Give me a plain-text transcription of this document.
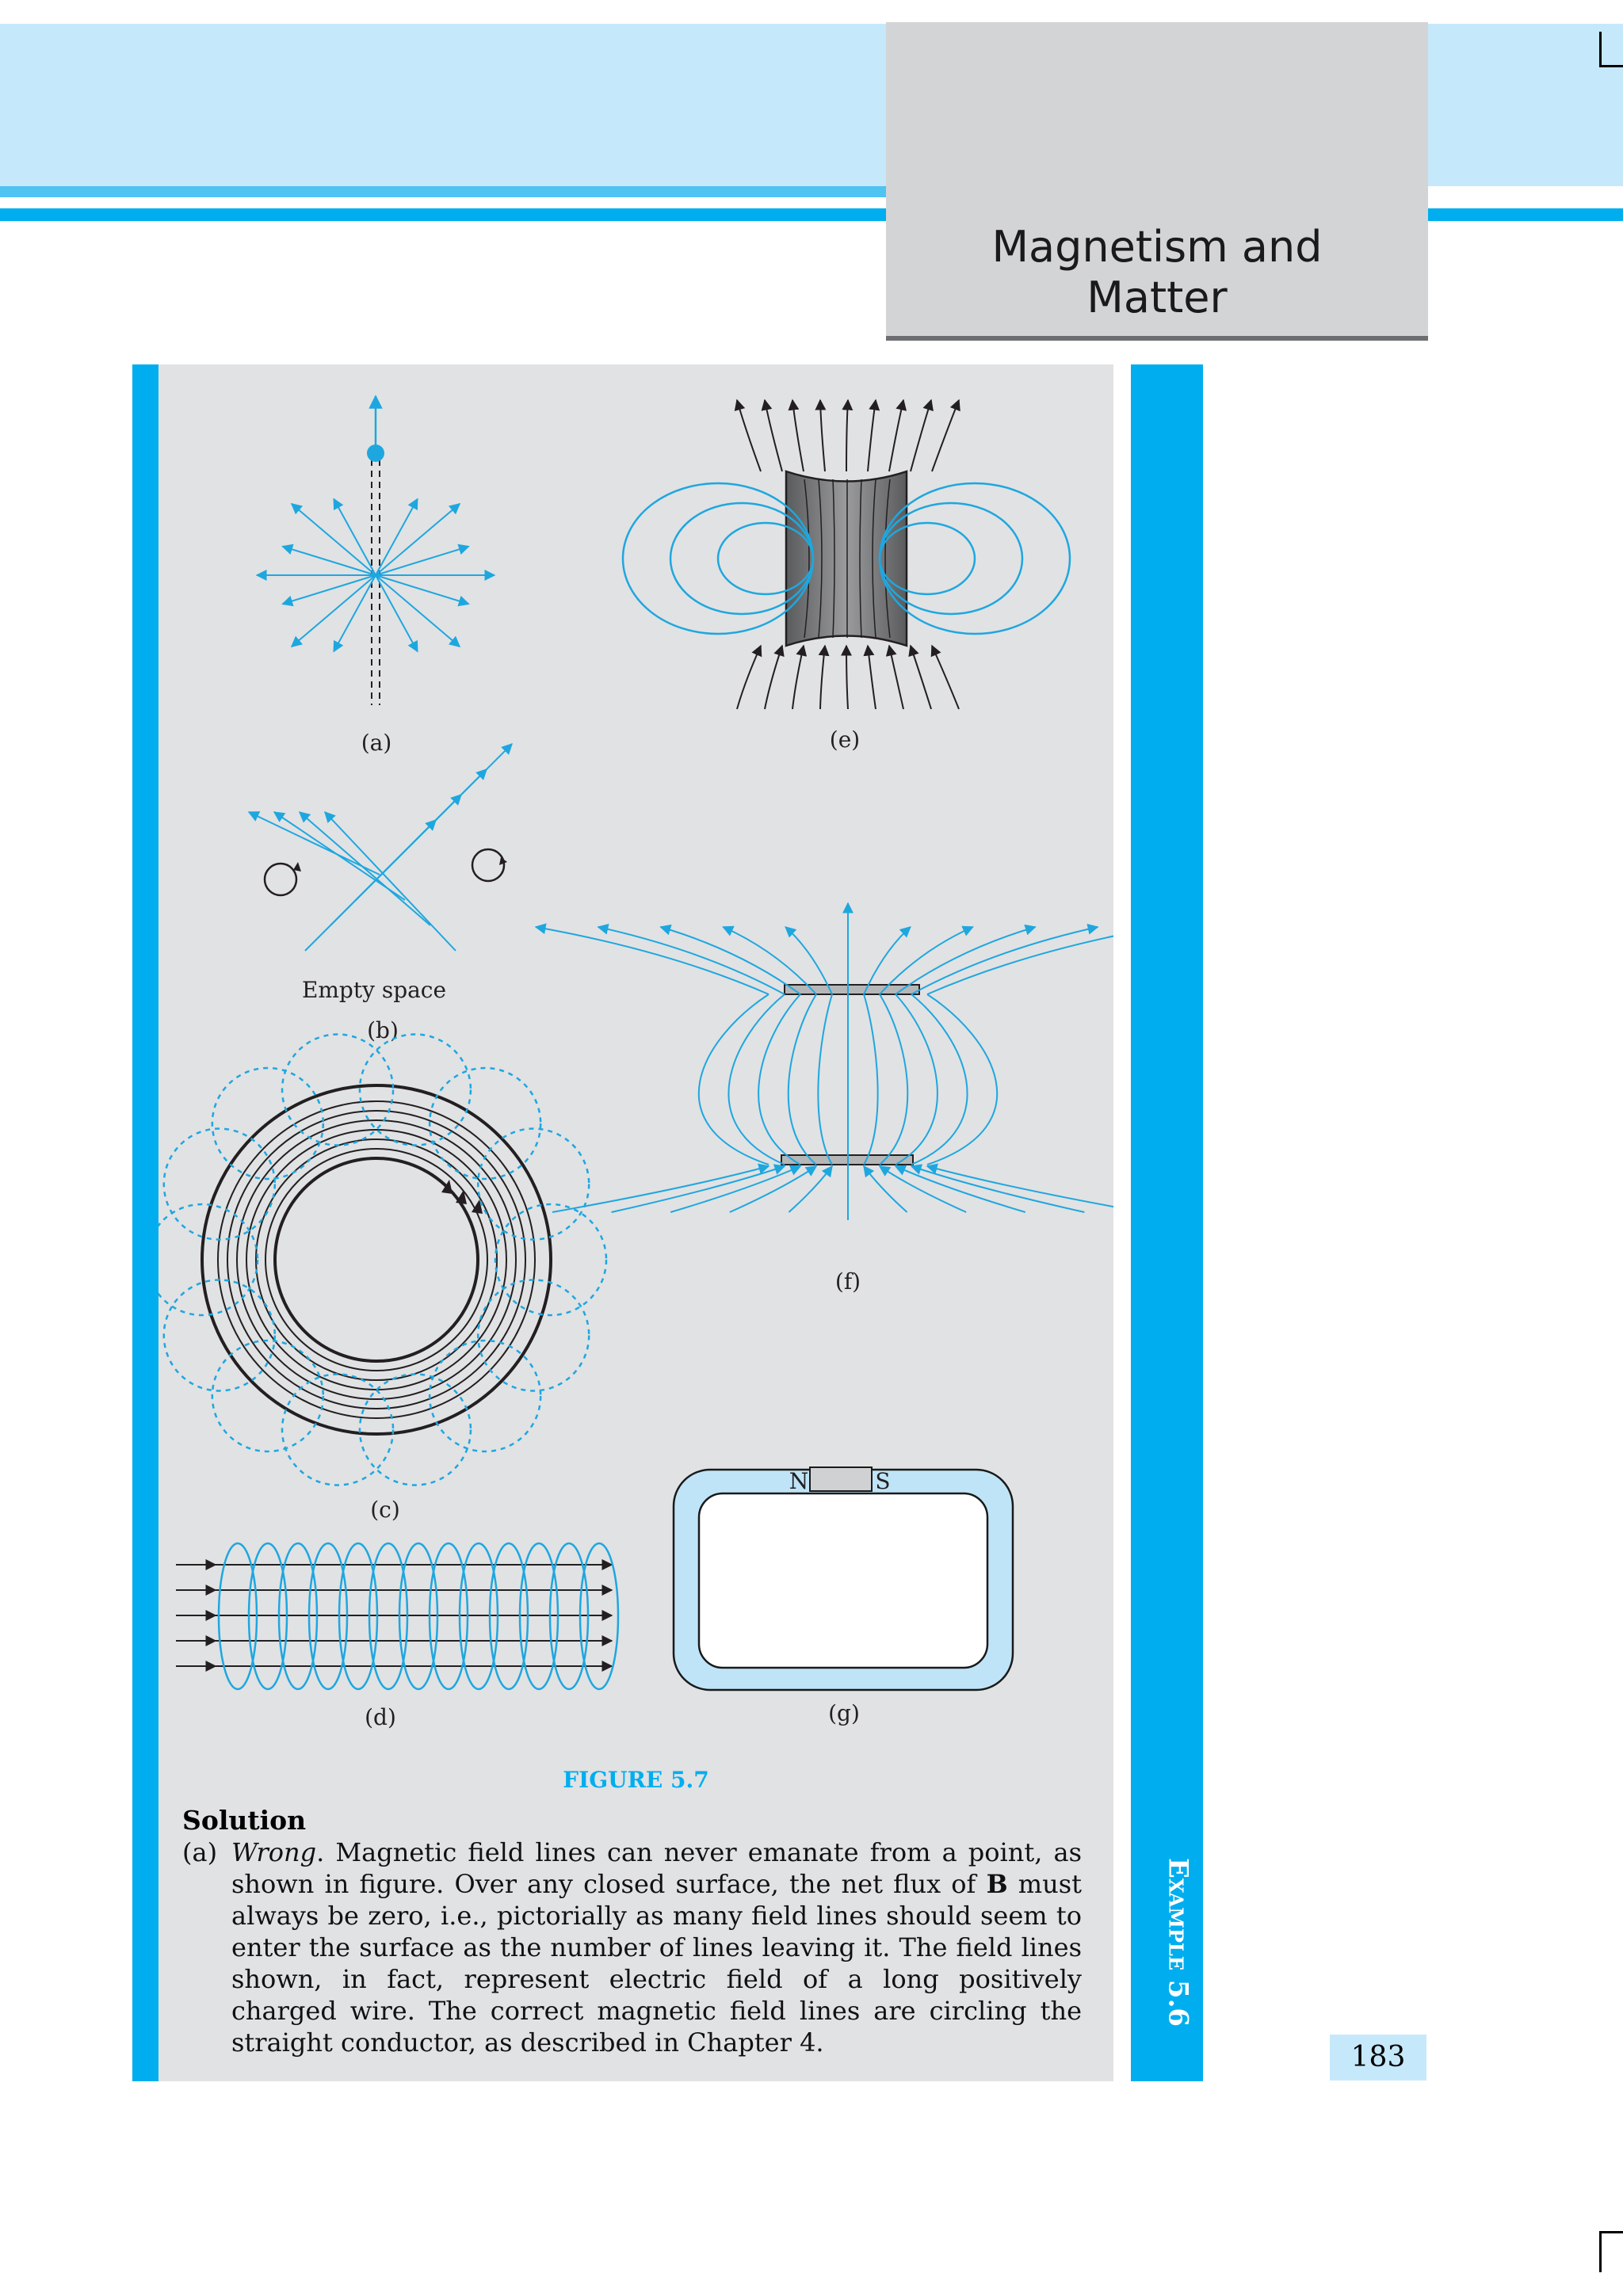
Magnetism and
Matter
Example 5.6
(a)
Empty space
(b)
(c)
(d)
(e)
(f)
N	S
(g)
FIGURE 5.7
Solution
(a) Wrong. Magnetic field lines can never emanate from a point, as shown in figure. Over any closed surface, the net flux of B must always be zero, i.e., pictorially as many field lines should seem to enter the surface as the number of lines leaving it. The field lines shown, in fact, represent electric field of a long positively charged wire. The correct magnetic field lines are circling the straight conductor, as described in Chapter 4.	183
